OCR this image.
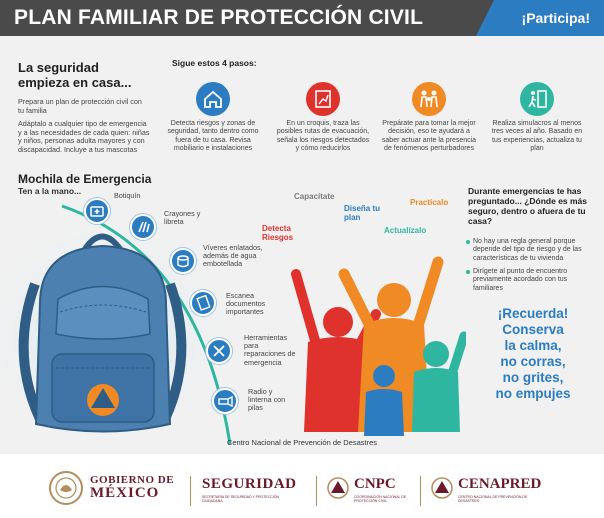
PLAN FAMILIAR DE PROTECCIÓN CIVIL	¡Participa!
La seguridad
empieza en casa...
Prepara un plan de protección civil con tu familia
Adáptalo a cualquier tipo de emergencia y a las necesidades de cada quien: niñas y niños, personas adulta mayores y con discapacidad. Incluye a tus mascotas
Sigue estos 4 pasos:
Detecta riesgos y zonas de seguridad, tanto dentro como fuera de tu casa. Revisa mobiliario e instalaciones
En un croquis, traza las posibles rutas de evacuación, señala los riesgos detectados y cómo reducirlos
Prepárate para tomar la mejor decisión, eso te ayudará a saber actuar ante la presencia de fenómenos perturbadores
Realiza simulacros al menos tres veces al año. Basado en tus experiencias, actualiza tu plan
Mochila de Emergencia
Ten a la mano...	Botiquín
Crayones y libreta
Víveres enlatados, además de agua embotellada
Escanea documentos importantes
Herramientas para reparaciones de emergencia
Radio y linterna con pilas
Detecta Riesgos
Capacítate
Diseña tu plan
Actualízalo
Practícalo
Durante emergencias te has preguntado... ¿Dónde es más seguro, dentro o afuera de tu casa?
No hay una regla general porque depende del tipo de riesgo y de las características de tu vivienda
Dirígete al punto de encuentro previamente acordado con tus familiares
¡Recuerda!
Conserva
la calma,
no corras,
no grites,
no empujes
Centro Nacional de Prevención de Desastres
GOBIERNO DE
MÉXICO
SEGURIDAD
SECRETARÍA DE SEGURIDAD Y PROTECCIÓN CIUDADANA
CNPC
COORDINACIÓN NACIONAL DE PROTECCIÓN CIVIL
CENAPRED
CENTRO NACIONAL DE PREVENCIÓN DE DESASTRES
